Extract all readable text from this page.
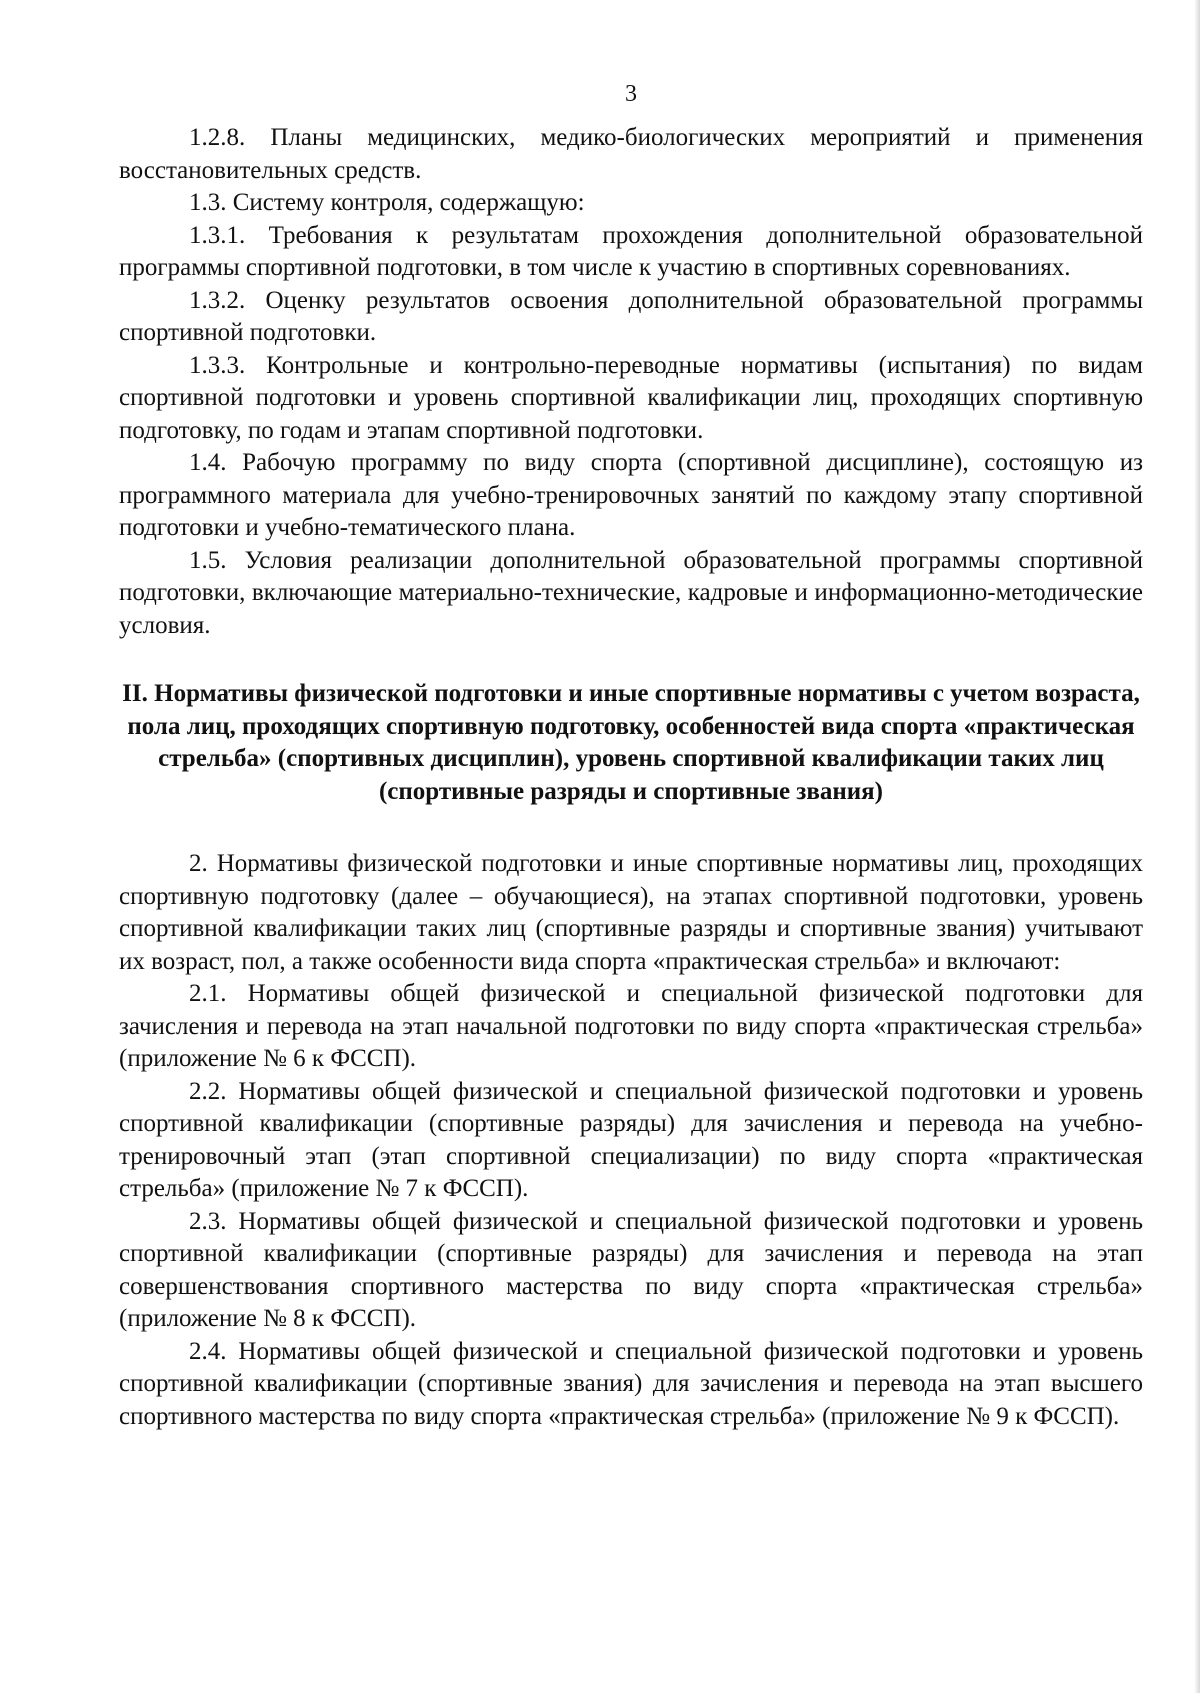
3

1.2.8. Планы медицинских, медико-биологических мероприятий и применения восстановительных средств.

1.3. Систему контроля, содержащую:

1.3.1. Требования к результатам прохождения дополнительной образовательной программы спортивной подготовки, в том числе к участию в спортивных соревнованиях.

1.3.2. Оценку результатов освоения дополнительной образовательной программы спортивной подготовки.

1.3.3. Контрольные и контрольно-переводные нормативы (испытания) по видам спортивной подготовки и уровень спортивной квалификации лиц, проходящих спортивную подготовку, по годам и этапам спортивной подготовки.

1.4. Рабочую программу по виду спорта (спортивной дисциплине), состоящую из программного материала для учебно-тренировочных занятий по каждому этапу спортивной подготовки и учебно-тематического плана.

1.5. Условия реализации дополнительной образовательной программы спортивной подготовки, включающие материально-технические, кадровые и информационно-методические условия.

II. Нормативы физической подготовки и иные спортивные нормативы с учетом возраста, пола лиц, проходящих спортивную подготовку, особенностей вида спорта «практическая стрельба» (спортивных дисциплин), уровень спортивной квалификации таких лиц (спортивные разряды и спортивные звания)

2. Нормативы физической подготовки и иные спортивные нормативы лиц, проходящих спортивную подготовку (далее – обучающиеся), на этапах спортивной подготовки, уровень спортивной квалификации таких лиц (спортивные разряды и спортивные звания) учитывают их возраст, пол, а также особенности вида спорта «практическая стрельба» и включают:

2.1. Нормативы общей физической и специальной физической подготовки для зачисления и перевода на этап начальной подготовки по виду спорта «практическая стрельба» (приложение № 6 к ФССП).

2.2. Нормативы общей физической и специальной физической подготовки и уровень спортивной квалификации (спортивные разряды) для зачисления и перевода на учебно-тренировочный этап (этап спортивной специализации) по виду спорта «практическая стрельба» (приложение № 7 к ФССП).

2.3. Нормативы общей физической и специальной физической подготовки и уровень спортивной квалификации (спортивные разряды) для зачисления и перевода на этап совершенствования спортивного мастерства по виду спорта «практическая стрельба» (приложение № 8 к ФССП).

2.4. Нормативы общей физической и специальной физической подготовки и уровень спортивной квалификации (спортивные звания) для зачисления и перевода на этап высшего спортивного мастерства по виду спорта «практическая стрельба» (приложение № 9 к ФССП).
